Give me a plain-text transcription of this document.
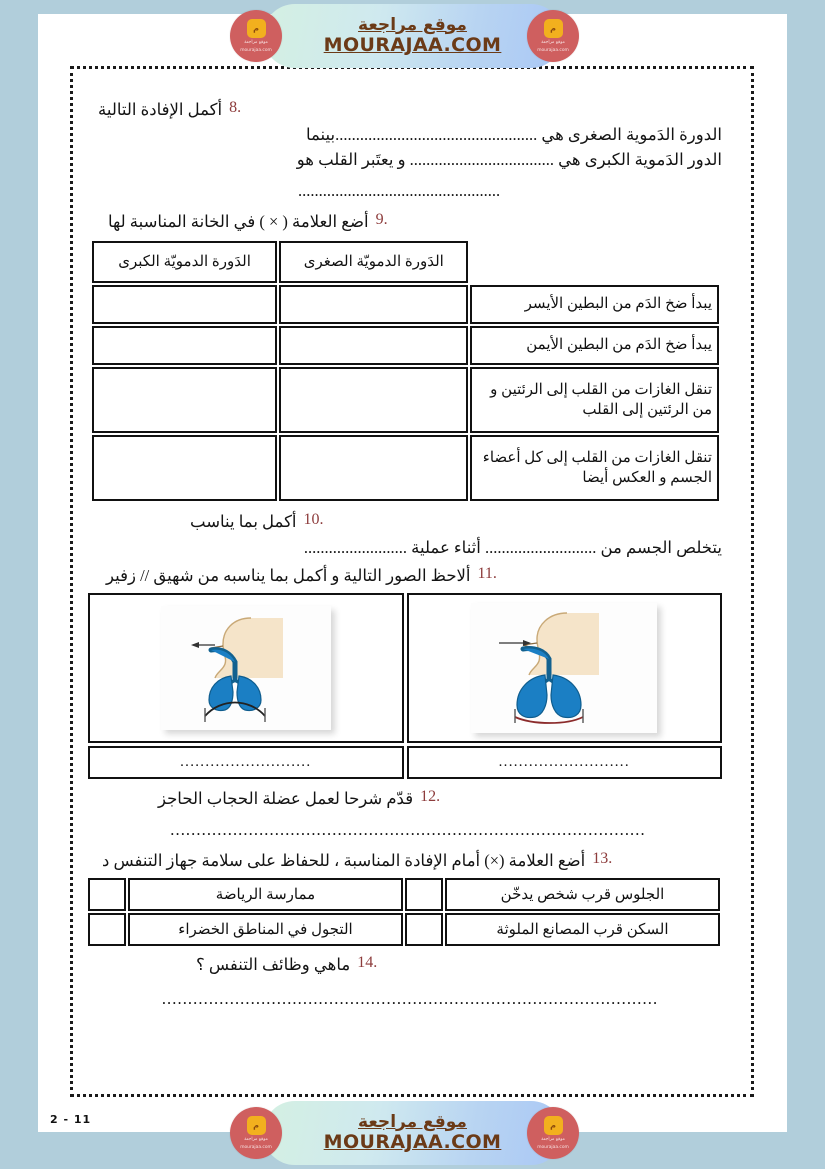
8.
أكمل الإفادة التالية
الدورة الدَموية الصغرى هي .................................................بينما
الدور الدَموية الكبرى هي ................................... و يعتَبر القلب هو
.................................................
9.
أضع العلامة ( × ) في الخانة المناسبة لها
	الدَورة الدمويّة الصغرى	الدَورة الدمويّة الكبرى
يبدأ ضخ الدَم من البطين الأيسر		
يبدأ ضخ الدَم من البطين الأيمن		
تنقل الغازات من القلب إلى الرئتين و من الرئتين إلى القلب		
تنقل الغازات من القلب إلى كل أعضاء الجسم و العكس أيضا		
10.
أكمل بما يناسب
يتخلص الجسم من ........................... أثناء عملية .........................
11.
ألاحظ الصور التالية و أكمل بما يناسبه من شهيق // زفير
..........................
..........................
12.
قدّم شرحا لعمل عضلة الحجاب الحاجز
...........................................................................................
13.
أضع العلامة (×) أمام الإفادة المناسبة ، للحفاظ على سلامة جهاز التنفس د
الجلوس قرب شخص يدخّن		ممارسة الرياضة	
السكن قرب المصانع الملوثة		التجول في المناطق الخضراء	
14.
ماهي وظائف التنفس ؟
...............................................................................................
2 - 11
موقع مراجعة
MOURAJAA.COM
م
موقع مراجعة
mourajaa.com
م
موقع مراجعة
mourajaa.com
موقع مراجعة
MOURAJAA.COM
م
موقع مراجعة
mourajaa.com
م
موقع مراجعة
mourajaa.com
